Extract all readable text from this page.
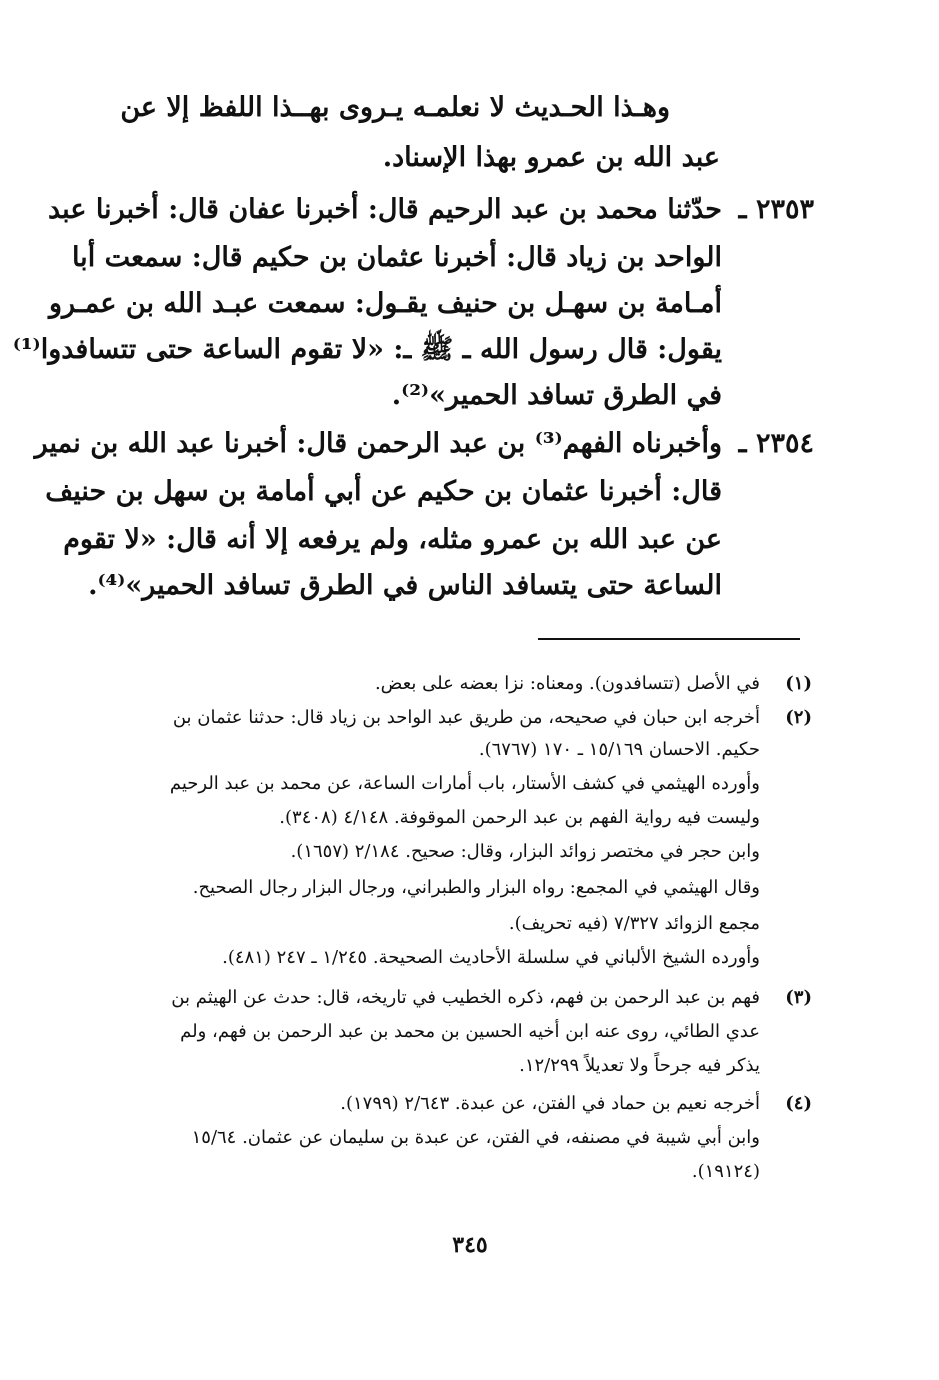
وهـذا الحـديث لا نعلمـه يـروى بهــذا اللفظ إلا عن
عبد الله بن عمرو بهذا الإسناد.
٢٣٥٣ ـ
حدّثنا محمد بن عبد الرحيم قال: أخبرنا عفان قال: أخبرنا عبد
الواحد بن زياد قال: أخبرنا عثمان بن حكيم قال: سمعت أبا
أمـامة بن سهـل بن حنيف يقـول: سمعت عبـد الله بن عمـرو
يقول: قال رسول الله ـ ﷺ ـ: «لا تقوم الساعة حتى تتسافدوا⁽¹⁾
في الطرق تسافد الحمير»⁽²⁾.
٢٣٥٤ ـ
وأخبرناه الفهم⁽³⁾ بن عبد الرحمن قال: أخبرنا عبد الله بن نمير
قال: أخبرنا عثمان بن حكيم عن أبي أمامة بن سهل بن حنيف
عن عبد الله بن عمرو مثله، ولم يرفعه إلا أنه قال: «لا تقوم
الساعة حتى يتسافد الناس في الطرق تسافد الحمير»⁽⁴⁾.
(١)
في الأصل (تتسافدون). ومعناه: نزا بعضه على بعض.
(٢)
أخرجه ابن حبان في صحيحه، من طريق عبد الواحد بن زياد قال: حدثنا عثمان بن
حكيم. الاحسان ١٥/١٦٩ ـ ١٧٠ (٦٧٦٧).
وأورده الهيثمي في كشف الأستار، باب أمارات الساعة، عن محمد بن عبد الرحيم
وليست فيه رواية الفهم بن عبد الرحمن الموقوفة. ٤/١٤٨ (٣٤٠٨).
وابن حجر في مختصر زوائد البزار، وقال: صحيح. ٢/١٨٤ (١٦٥٧).
وقال الهيثمي في المجمع: رواه البزار والطبراني، ورجال البزار رجال الصحيح.
مجمع الزوائد ٧/٣٢٧ (فيه تحريف).
وأورده الشيخ الألباني في سلسلة الأحاديث الصحيحة. ١/٢٤٥ ـ ٢٤٧ (٤٨١).
(٣)
فهم بن عبد الرحمن بن فهم، ذكره الخطيب في تاريخه، قال: حدث عن الهيثم بن
عدي الطائي، روى عنه ابن أخيه الحسين بن محمد بن عبد الرحمن بن فهم، ولم
يذكر فيه جرحاً ولا تعديلاً ١٢/٢٩٩.
(٤)
أخرجه نعيم بن حماد في الفتن، عن عبدة. ٢/٦٤٣ (١٧٩٩).
وابن أبي شيبة في مصنفه، في الفتن، عن عبدة بن سليمان عن عثمان. ١٥/٦٤
(١٩١٢٤).
٣٤٥
